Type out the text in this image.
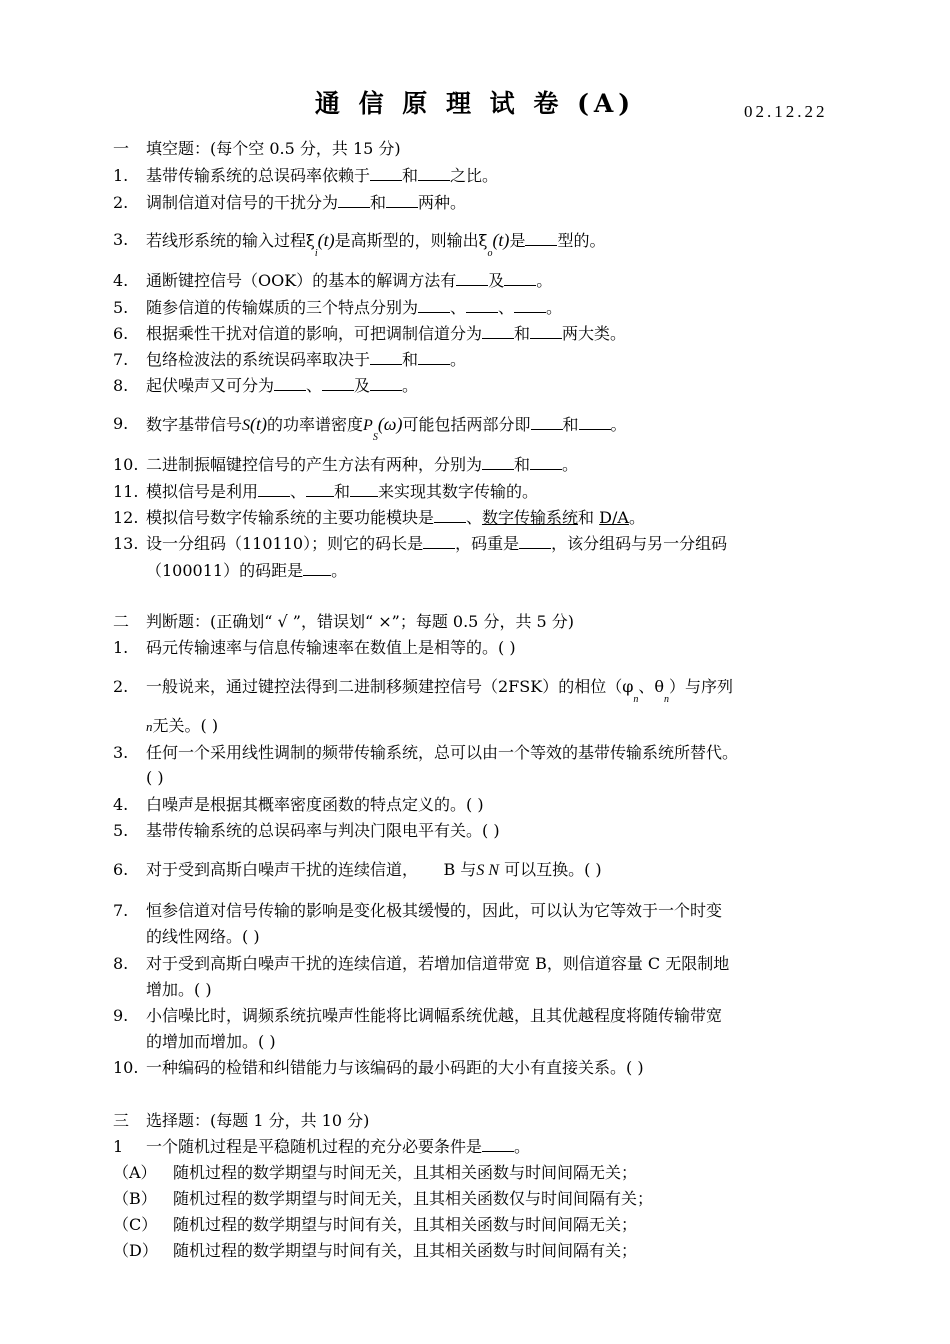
通 信 原 理 试 卷 (A)	02.12.22
一 填空题：(每个空 0.5 分，共 15 分)
1. 基带传输系统的总误码率依赖于 和 之比。
2. 调制信道对信号的干扰分为 和 两种。
3. 若线形系统的输入过程$\xi_i(t)$是高斯型的，则输出$\xi_o(t)$是 型的。
4. 通断键控信号（OOK）的基本的解调方法有 及 。
5. 随参信道的传输媒质的三个特点分别为 、 、 。
6. 根据乘性干扰对信道的影响，可把调制信道分为 和 两大类。
7. 包络检波法的系统误码率取决于 和 。
8. 起伏噪声又可分为 、 及 。
9. 数字基带信号S(t)的功率谱密度$P_S(\omega)$可能包括两部分即 和 。
10. 二进制振幅键控信号的产生方法有两种，分别为 和 。
11. 模拟信号是利用 、 和 来实现其数字传输的。
12. 模拟信号数字传输系统的主要功能模块是 、数字传输系统和 D/A。
13. 设一分组码（110110）；则它的码长是 ，码重是 ，该分组码与另一分组码
（100011）的码距是 。
二 判断题：(正确划“ √ ”，错误划“ ×”；每题 0.5 分，共 5 分)
1. 码元传输速率与信息传输速率在数值上是相等的。( )
2. 一般说来，通过键控法得到二进制移频建控信号（2FSK）的相位（$\varphi_n$、$\theta_n$）与序列
n无关。( )
3. 任何一个采用线性调制的频带传输系统，总可以由一个等效的基带传输系统所替代。
( )
4. 白噪声是根据其概率密度函数的特点定义的。( )
5. 基带传输系统的总误码率与判决门限电平有关。( )
6. 对于受到高斯白噪声干扰的连续信道， B 与S N 可以互换。( )
7. 恒参信道对信号传输的影响是变化极其缓慢的，因此，可以认为它等效于一个时变
的线性网络。( )
8. 对于受到高斯白噪声干扰的连续信道，若增加信道带宽 B，则信道容量 C 无限制地
增加。( )
9. 小信噪比时，调频系统抗噪声性能将比调幅系统优越，且其优越程度将随传输带宽
的增加而增加。( )
10. 一种编码的检错和纠错能力与该编码的最小码距的大小有直接关系。( )
三 选择题：(每题 1 分，共 10 分)
1 一个随机过程是平稳随机过程的充分必要条件是 。
（A） 随机过程的数学期望与时间无关，且其相关函数与时间间隔无关；
（B） 随机过程的数学期望与时间无关，且其相关函数仅与时间间隔有关；
（C） 随机过程的数学期望与时间有关，且其相关函数与时间间隔无关；
（D） 随机过程的数学期望与时间有关，且其相关函数与时间间隔有关；
